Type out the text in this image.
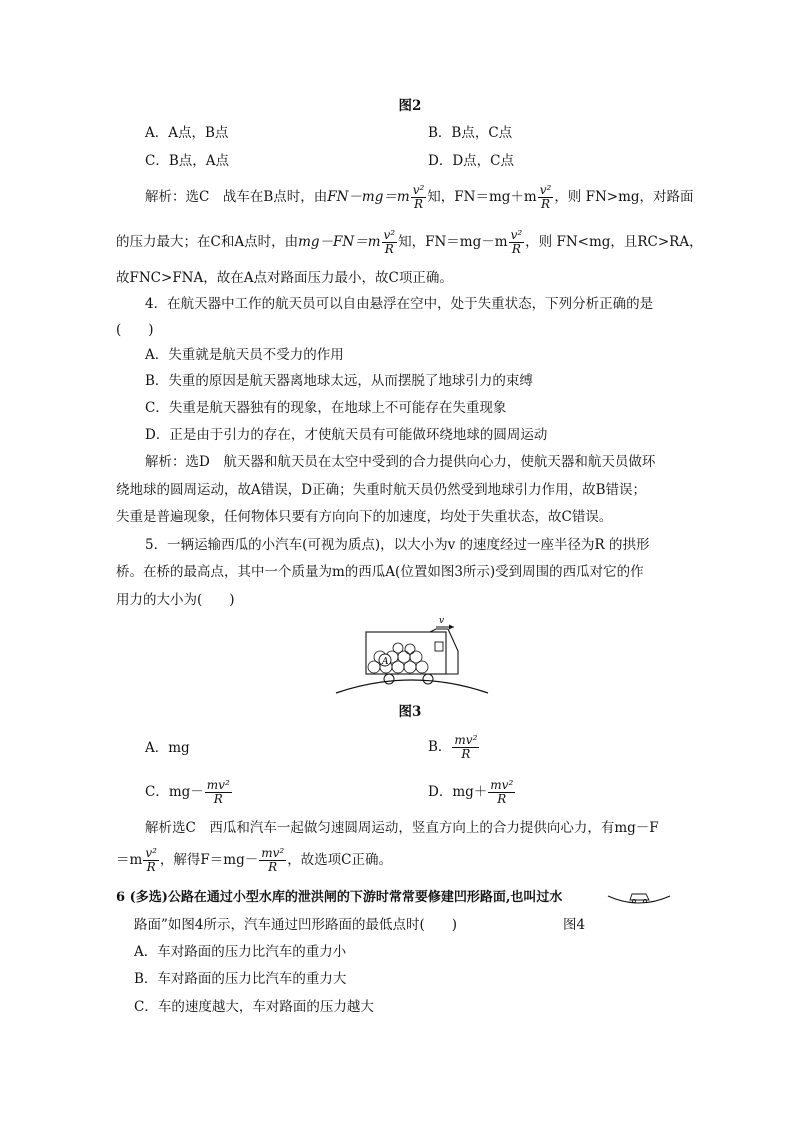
图2
A．A点，B点	B．B点，C点
C．B点，A点	D．D点，C点
解析：选C　战车在B点时，由$FN-mg=m \frac{\text{v²}}{R}$ 知，$FN=mg+m \frac{\text{v²}}{R}$ ，则 FN>mg，对路面
的压力最大；在C和A点时，由$mg-FN=m \frac{\text{v²}}{R}$ 知，$FN=mg-m \frac{\text{v²}}{R}$ ，则 FN<mg，且RC>RA，
故FNC>FNA，故在A点对路面压力最小，故C项正确。
4．在航天器中工作的航天员可以自由悬浮在空中，处于失重状态，下列分析正确的是
(　　)
A．失重就是航天员不受力的作用
B．失重的原因是航天器离地球太远，从而摆脱了地球引力的束缚
C．失重是航天器独有的现象，在地球上不可能存在失重现象
D．正是由于引力的存在，才使航天员有可能做环绕地球的圆周运动
解析：选D　航天器和航天员在太空中受到的合力提供向心力，使航天器和航天员做环
绕地球的圆周运动，故A错误，D正确；失重时航天员仍然受到地球引力作用，故B错误；
失重是普遍现象，任何物体只要有方向向下的加速度，均处于失重状态，故C错误。
5．一辆运输西瓜的小汽车(可视为质点)，以大小为v 的速度经过一座半径为R 的拱形
桥。在桥的最高点，其中一个质量为m的西瓜A(位置如图3所示)受到周围的西瓜对它的作
用力的大小为(　　)
A
v
图3
A．mg	B． $\frac{\text{mv²}}{R}$
C．$mg- \frac{\text{mv²}}{R}$	D．$mg+ \frac{\text{mv²}}{R}$
解析选C　西瓜和汽车一起做匀速圆周运动，竖直方向上的合力提供向心力，有mg－F
$=m \frac{\text{v²}}{R}$ ，解得$F=mg- \frac{\text{mv²}}{R}$ ，故选项C正确。
6 (多选)公路在通过小型水库的泄洪闸的下游时常常要修建凹形路面,也叫过水
路面”如图4所示，汽车通过凹形路面的最低点时(　　)	图4
A．车对路面的压力比汽车的重力小
B．车对路面的压力比汽车的重力大
C．车的速度越大，车对路面的压力越大
